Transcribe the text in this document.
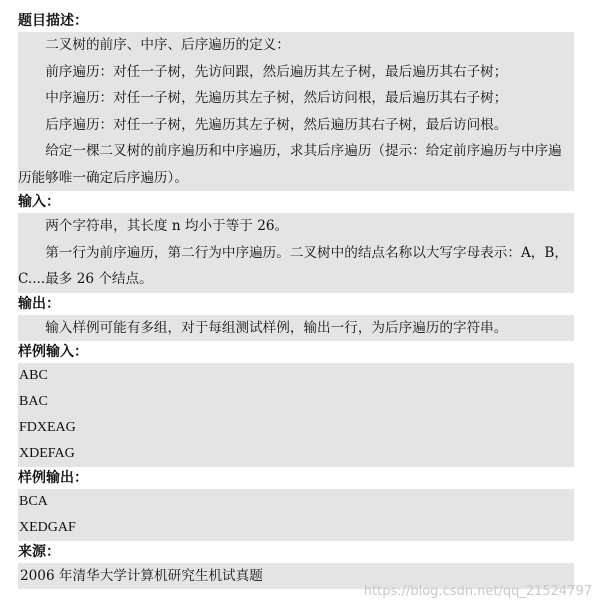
题目描述：
二叉树的前序、中序、后序遍历的定义：
前序遍历：对任一子树，先访问跟，然后遍历其左子树，最后遍历其右子树；
中序遍历：对任一子树，先遍历其左子树，然后访问根，最后遍历其右子树；
后序遍历：对任一子树，先遍历其左子树，然后遍历其右子树，最后访问根。
给定一棵二叉树的前序遍历和中序遍历，求其后序遍历（提示：给定前序遍历与中序遍历能够唯一确定后序遍历）。
输入：
两个字符串，其长度 n 均小于等于 26。
第一行为前序遍历，第二行为中序遍历。二叉树中的结点名称以大写字母表示：A，B，C....最多 26 个结点。
输出：
输入样例可能有多组，对于每组测试样例，输出一行，为后序遍历的字符串。
样例输入：
ABC
BAC
FDXEAG
XDEFAG
样例输出：
BCA
XEDGAF
来源：
2006 年清华大学计算机研究生机试真题
https://blog.csdn.net/qq_21524797
